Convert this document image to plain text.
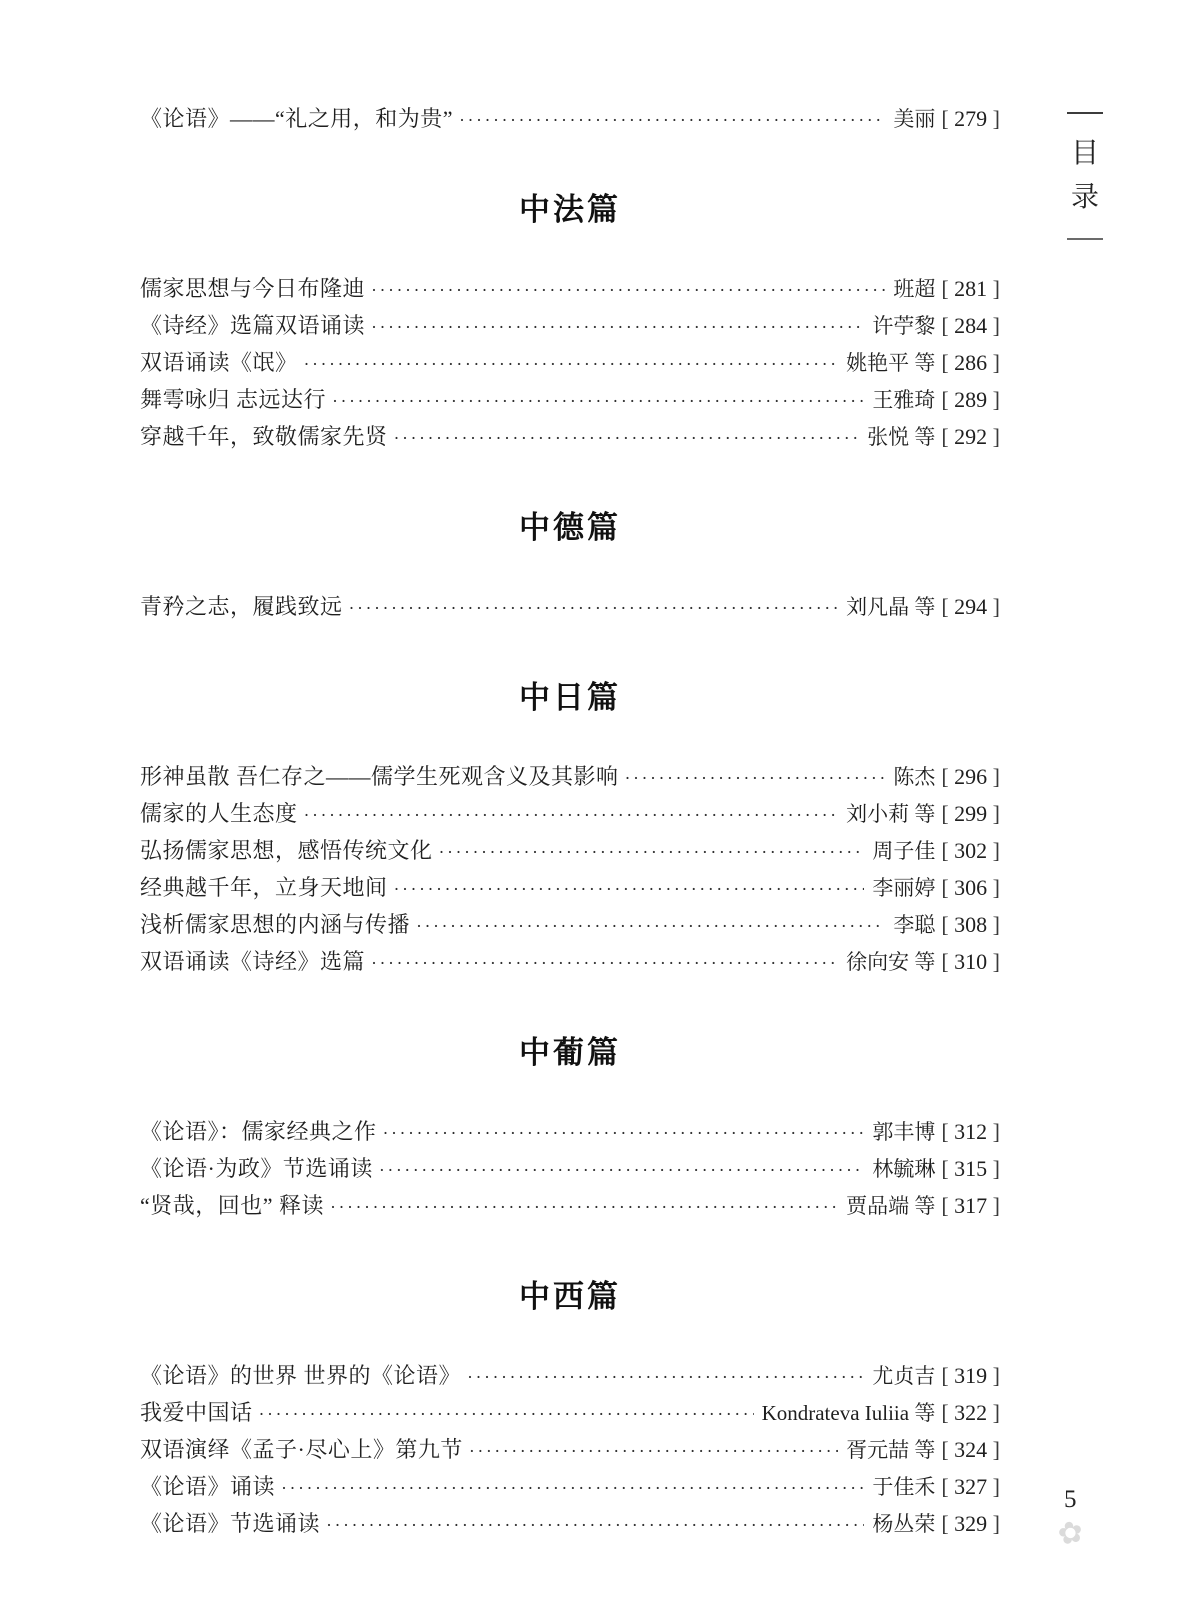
《论语》——“礼之用，和为贵” ·····	美丽 [ 279 ]
中法篇
儒家思想与今日布隆迪 ·····	班超 [ 281 ]
《诗经》选篇双语诵读 ·····	许苧黎 [ 284 ]
双语诵读《氓》 ·····	姚艳平 等 [ 286 ]
舞雩咏归 志远达行 ·····	王雅琦 [ 289 ]
穿越千年，致敬儒家先贤 ·····	张悦 等 [ 292 ]
中德篇
青矜之志，履践致远 ·····	刘凡晶 等 [ 294 ]
中日篇
形神虽散 吾仁存之——儒学生死观含义及其影响 ·····	陈杰 [ 296 ]
儒家的人生态度 ·····	刘小莉 等 [ 299 ]
弘扬儒家思想，感悟传统文化 ·····	周子佳 [ 302 ]
经典越千年，立身天地间 ·····	李丽婷 [ 306 ]
浅析儒家思想的内涵与传播 ·····	李聪 [ 308 ]
双语诵读《诗经》选篇 ·····	徐向安 等 [ 310 ]
中葡篇
《论语》：儒家经典之作 ·····	郭丰博 [ 312 ]
《论语·为政》节选诵读 ·····	林毓琳 [ 315 ]
“贤哉，回也” 释读 ·····	贾品端 等 [ 317 ]
中西篇
《论语》的世界 世界的《论语》 ·····	尤贞吉 [ 319 ]
我爱中国话 ·····	Kondrateva Iuliia 等 [ 322 ]
双语演绎《孟子·尽心上》第九节 ·····	胥元喆 等 [ 324 ]
《论语》诵读 ·····	于佳禾 [ 327 ]
《论语》节选诵读 ·····	杨丛荣 [ 329 ]
目
录
5
✿
